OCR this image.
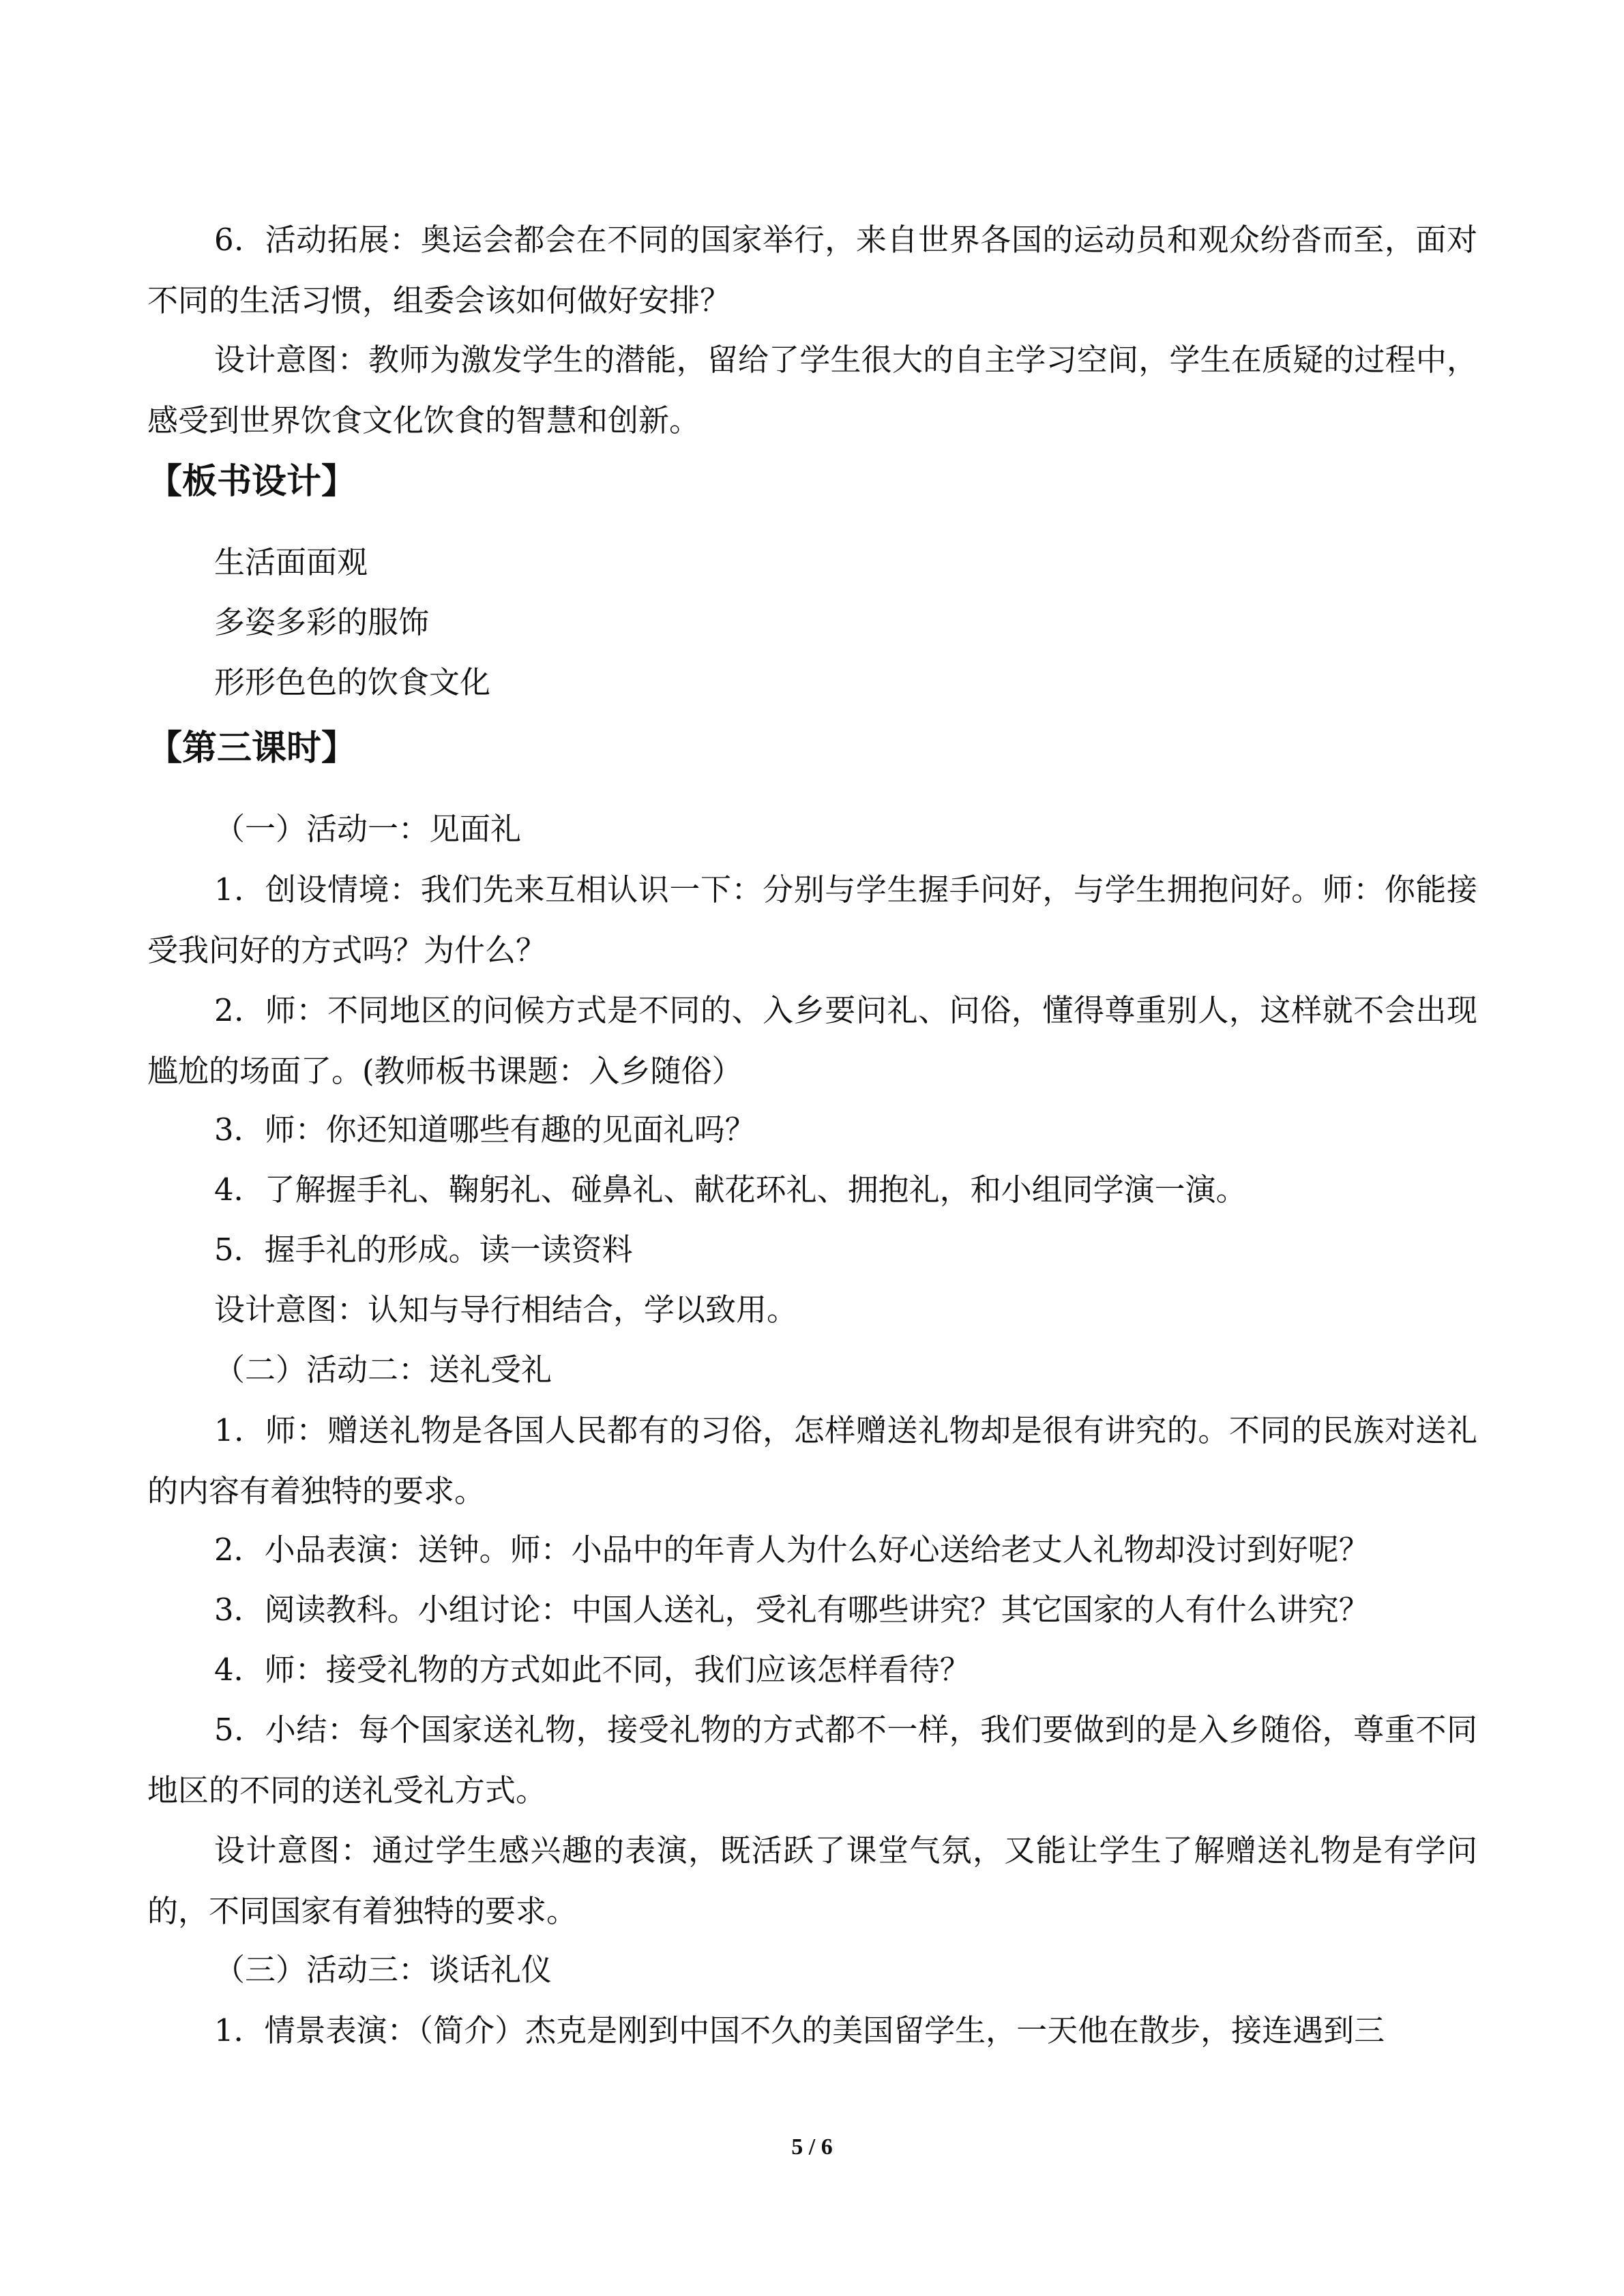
6．活动拓展：奥运会都会在不同的国家举行，来自世界各国的运动员和观众纷沓而至，面对不同的生活习惯，组委会该如何做好安排？

设计意图：教师为激发学生的潜能，留给了学生很大的自主学习空间，学生在质疑的过程中，感受到世界饮食文化饮食的智慧和创新。

【板书设计】

生活面面观

多姿多彩的服饰

形形色色的饮食文化

【第三课时】

（一）活动一：见面礼

1．创设情境：我们先来互相认识一下：分别与学生握手问好，与学生拥抱问好。师：你能接受我问好的方式吗？为什么？

2．师：不同地区的问候方式是不同的、入乡要问礼、问俗，懂得尊重别人，这样就不会出现尴尬的场面了。(教师板书课题：入乡随俗）

3．师：你还知道哪些有趣的见面礼吗？

4．了解握手礼、鞠躬礼、碰鼻礼、献花环礼、拥抱礼，和小组同学演一演。

5．握手礼的形成。读一读资料

设计意图：认知与导行相结合，学以致用。

（二）活动二：送礼受礼

1．师：赠送礼物是各国人民都有的习俗，怎样赠送礼物却是很有讲究的。不同的民族对送礼的内容有着独特的要求。

2．小品表演：送钟。师：小品中的年青人为什么好心送给老丈人礼物却没讨到好呢？

3．阅读教科。小组讨论：中国人送礼，受礼有哪些讲究？其它国家的人有什么讲究？

4．师：接受礼物的方式如此不同，我们应该怎样看待？

5．小结：每个国家送礼物，接受礼物的方式都不一样，我们要做到的是入乡随俗，尊重不同地区的不同的送礼受礼方式。

设计意图：通过学生感兴趣的表演，既活跃了课堂气氛，又能让学生了解赠送礼物是有学问的，不同国家有着独特的要求。

（三）活动三：谈话礼仪

1．情景表演：（简介）杰克是刚到中国不久的美国留学生，一天他在散步，接连遇到三

5 / 6
